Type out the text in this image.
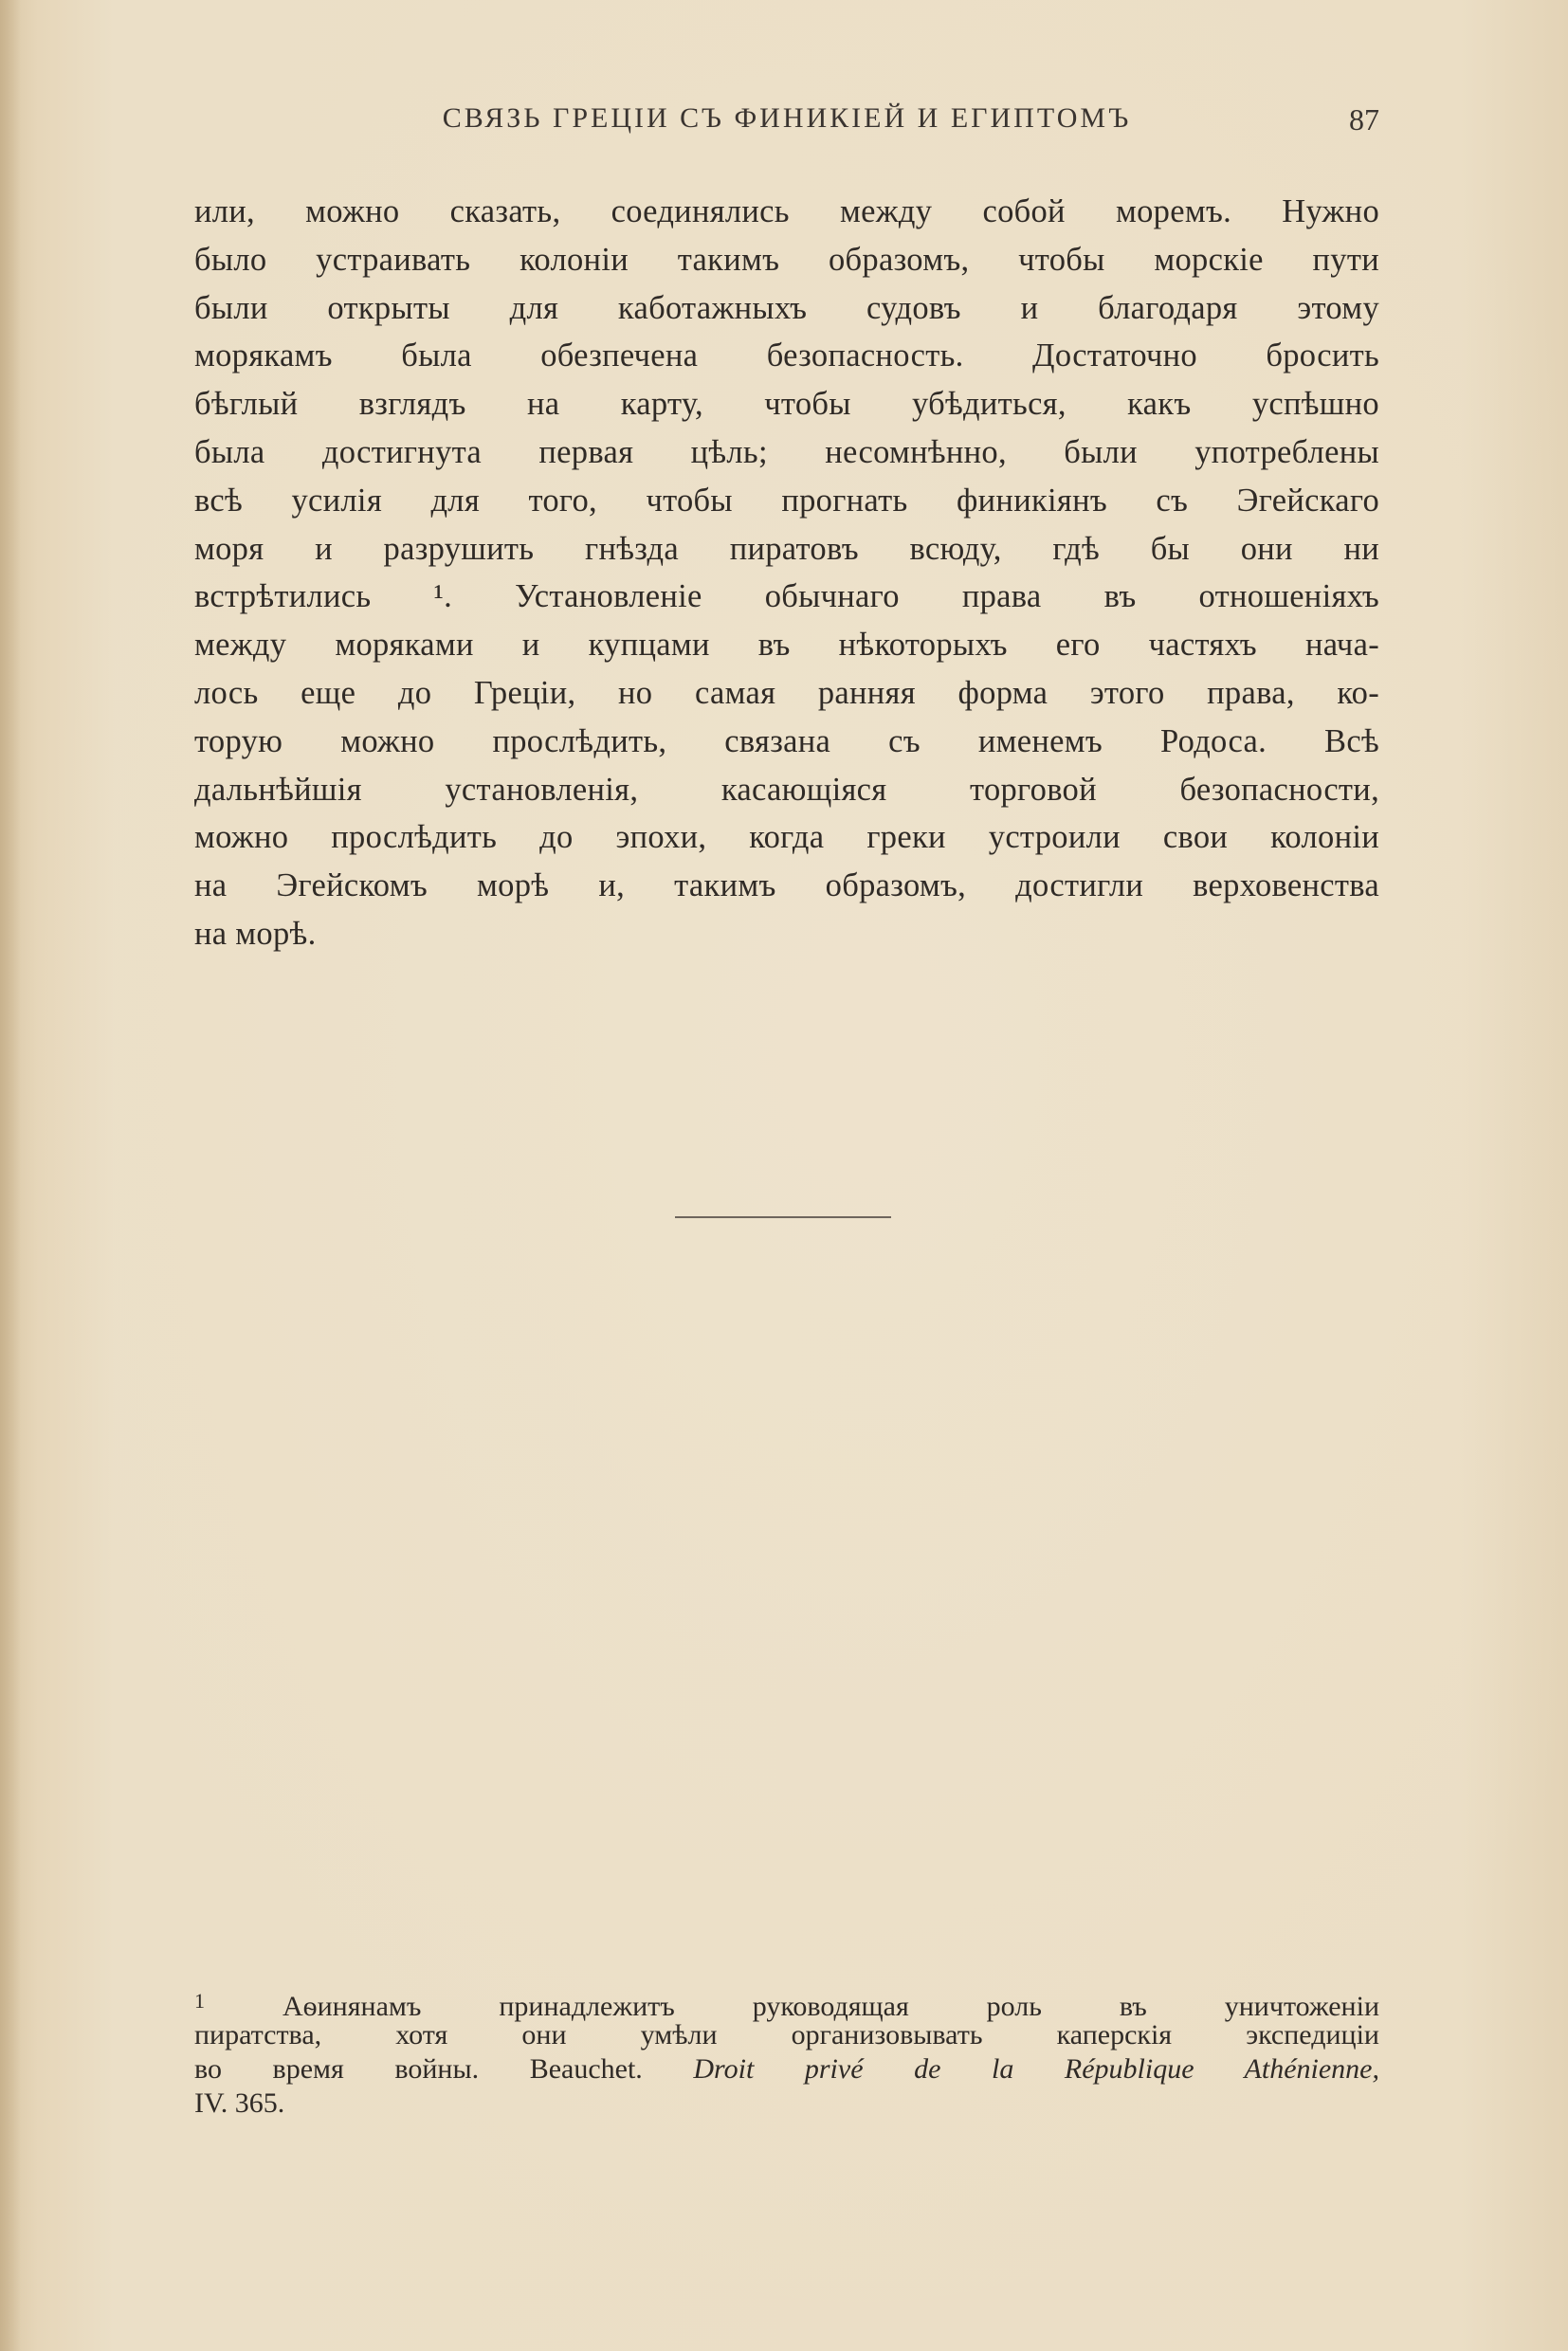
СВЯЗЬ ГРЕЦІИ СЪ ФИНИКІЕЙ И ЕГИПТОМЪ	87
или, можно сказать, соединялись между собой моремъ. Нужно
было устраивать колоніи такимъ образомъ, чтобы морскіе пути
были открыты для каботажныхъ судовъ и благодаря этому
морякамъ была обезпечена безопасность. Достаточно бросить
бѣглый взглядъ на карту, чтобы убѣдиться, какъ успѣшно
была достигнута первая цѣль; несомнѣнно, были употреблены
всѣ усилія для того, чтобы прогнать финикіянъ съ Эгейскаго
моря и разрушить гнѣзда пиратовъ всюду, гдѣ бы они ни
встрѣтились ¹. Установленіе обычнаго права въ отношеніяхъ
между моряками и купцами въ нѣкоторыхъ его частяхъ нача-
лось еще до Греціи, но самая ранняя форма этого права, ко-
торую можно прослѣдить, связана съ именемъ Родоса. Всѣ
дальнѣйшія установленія, касающіяся торговой безопасности,
можно прослѣдить до эпохи, когда греки устроили свои колоніи
на Эгейскомъ морѣ и, такимъ образомъ, достигли верховенства
на морѣ.
$^1$	Аѳинянамъ принадлежитъ руководящая роль въ уничтоженіи
пиратства, хотя они умѣли организовывать каперскія экспедиціи
во время войны. Beauchet. Droit privé de la République Athénienne,
IV. 365.
